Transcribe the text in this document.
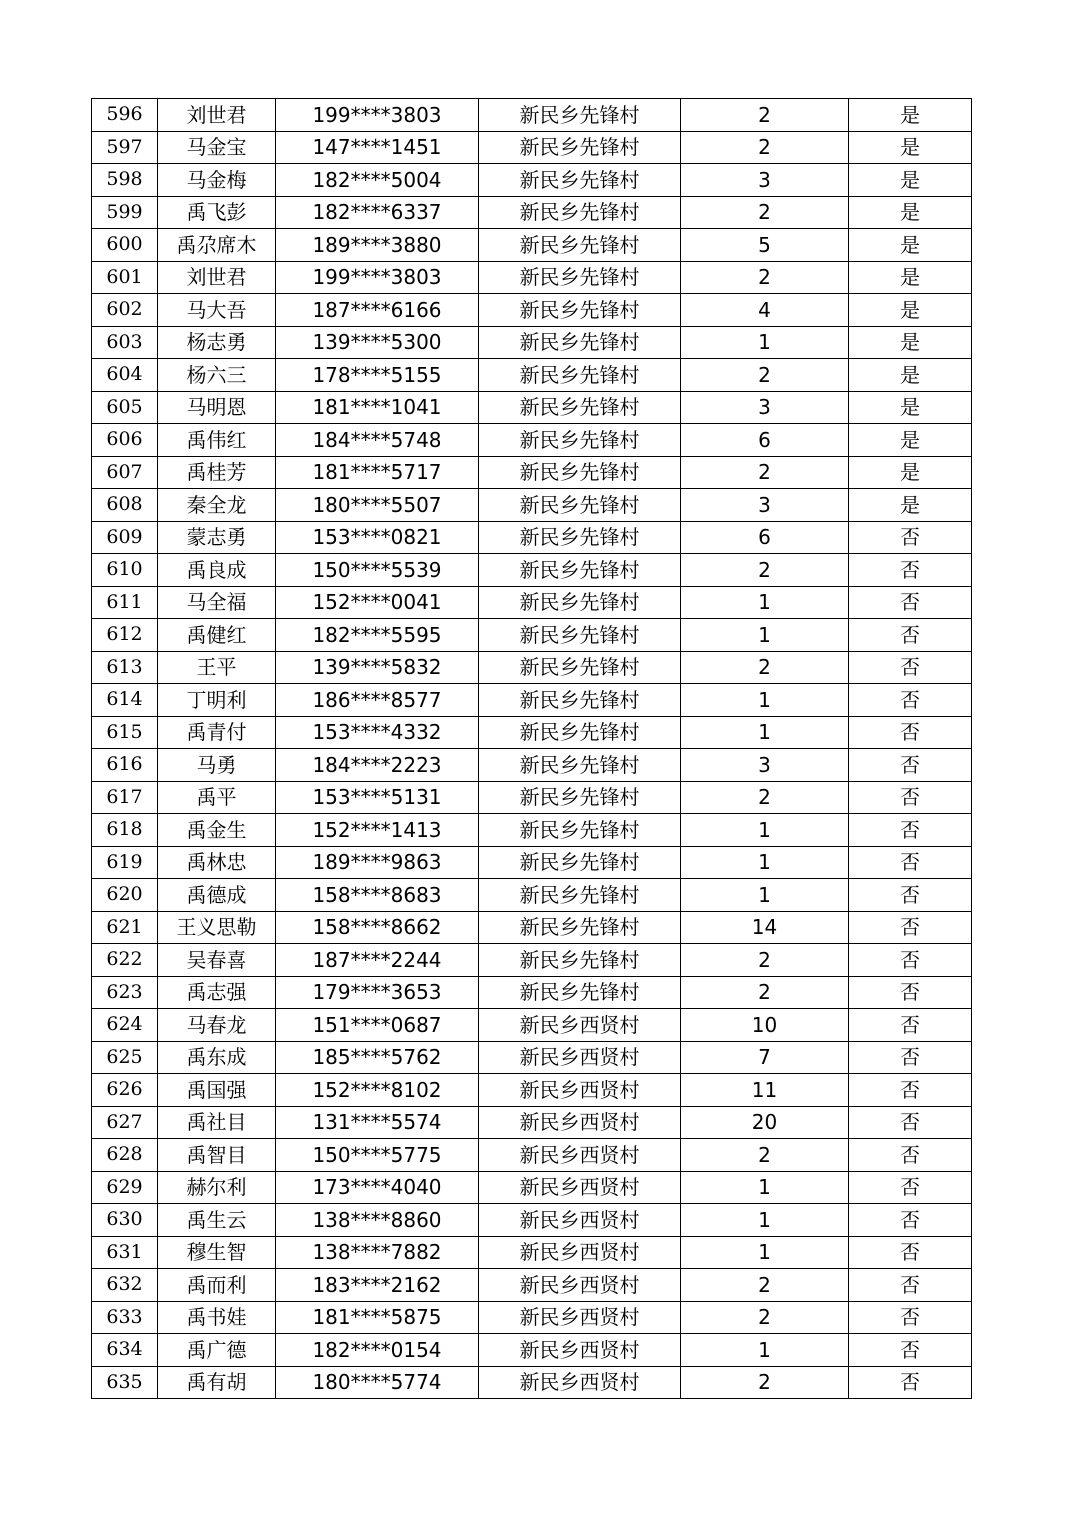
596	刘世君	199****3803	新民乡先锋村	2	是
597	马金宝	147****1451	新民乡先锋村	2	是
598	马金梅	182****5004	新民乡先锋村	3	是
599	禹飞彭	182****6337	新民乡先锋村	2	是
600	禹尕席木	189****3880	新民乡先锋村	5	是
601	刘世君	199****3803	新民乡先锋村	2	是
602	马大吾	187****6166	新民乡先锋村	4	是
603	杨志勇	139****5300	新民乡先锋村	1	是
604	杨六三	178****5155	新民乡先锋村	2	是
605	马明恩	181****1041	新民乡先锋村	3	是
606	禹伟红	184****5748	新民乡先锋村	6	是
607	禹桂芳	181****5717	新民乡先锋村	2	是
608	秦全龙	180****5507	新民乡先锋村	3	是
609	蒙志勇	153****0821	新民乡先锋村	6	否
610	禹良成	150****5539	新民乡先锋村	2	否
611	马全福	152****0041	新民乡先锋村	1	否
612	禹健红	182****5595	新民乡先锋村	1	否
613	王平	139****5832	新民乡先锋村	2	否
614	丁明利	186****8577	新民乡先锋村	1	否
615	禹青付	153****4332	新民乡先锋村	1	否
616	马勇	184****2223	新民乡先锋村	3	否
617	禹平	153****5131	新民乡先锋村	2	否
618	禹金生	152****1413	新民乡先锋村	1	否
619	禹林忠	189****9863	新民乡先锋村	1	否
620	禹德成	158****8683	新民乡先锋村	1	否
621	王义思勒	158****8662	新民乡先锋村	14	否
622	吴春喜	187****2244	新民乡先锋村	2	否
623	禹志强	179****3653	新民乡先锋村	2	否
624	马春龙	151****0687	新民乡西贤村	10	否
625	禹东成	185****5762	新民乡西贤村	7	否
626	禹国强	152****8102	新民乡西贤村	11	否
627	禹社目	131****5574	新民乡西贤村	20	否
628	禹智目	150****5775	新民乡西贤村	2	否
629	赫尔利	173****4040	新民乡西贤村	1	否
630	禹生云	138****8860	新民乡西贤村	1	否
631	穆生智	138****7882	新民乡西贤村	1	否
632	禹而利	183****2162	新民乡西贤村	2	否
633	禹书娃	181****5875	新民乡西贤村	2	否
634	禹广德	182****0154	新民乡西贤村	1	否
635	禹有胡	180****5774	新民乡西贤村	2	否
